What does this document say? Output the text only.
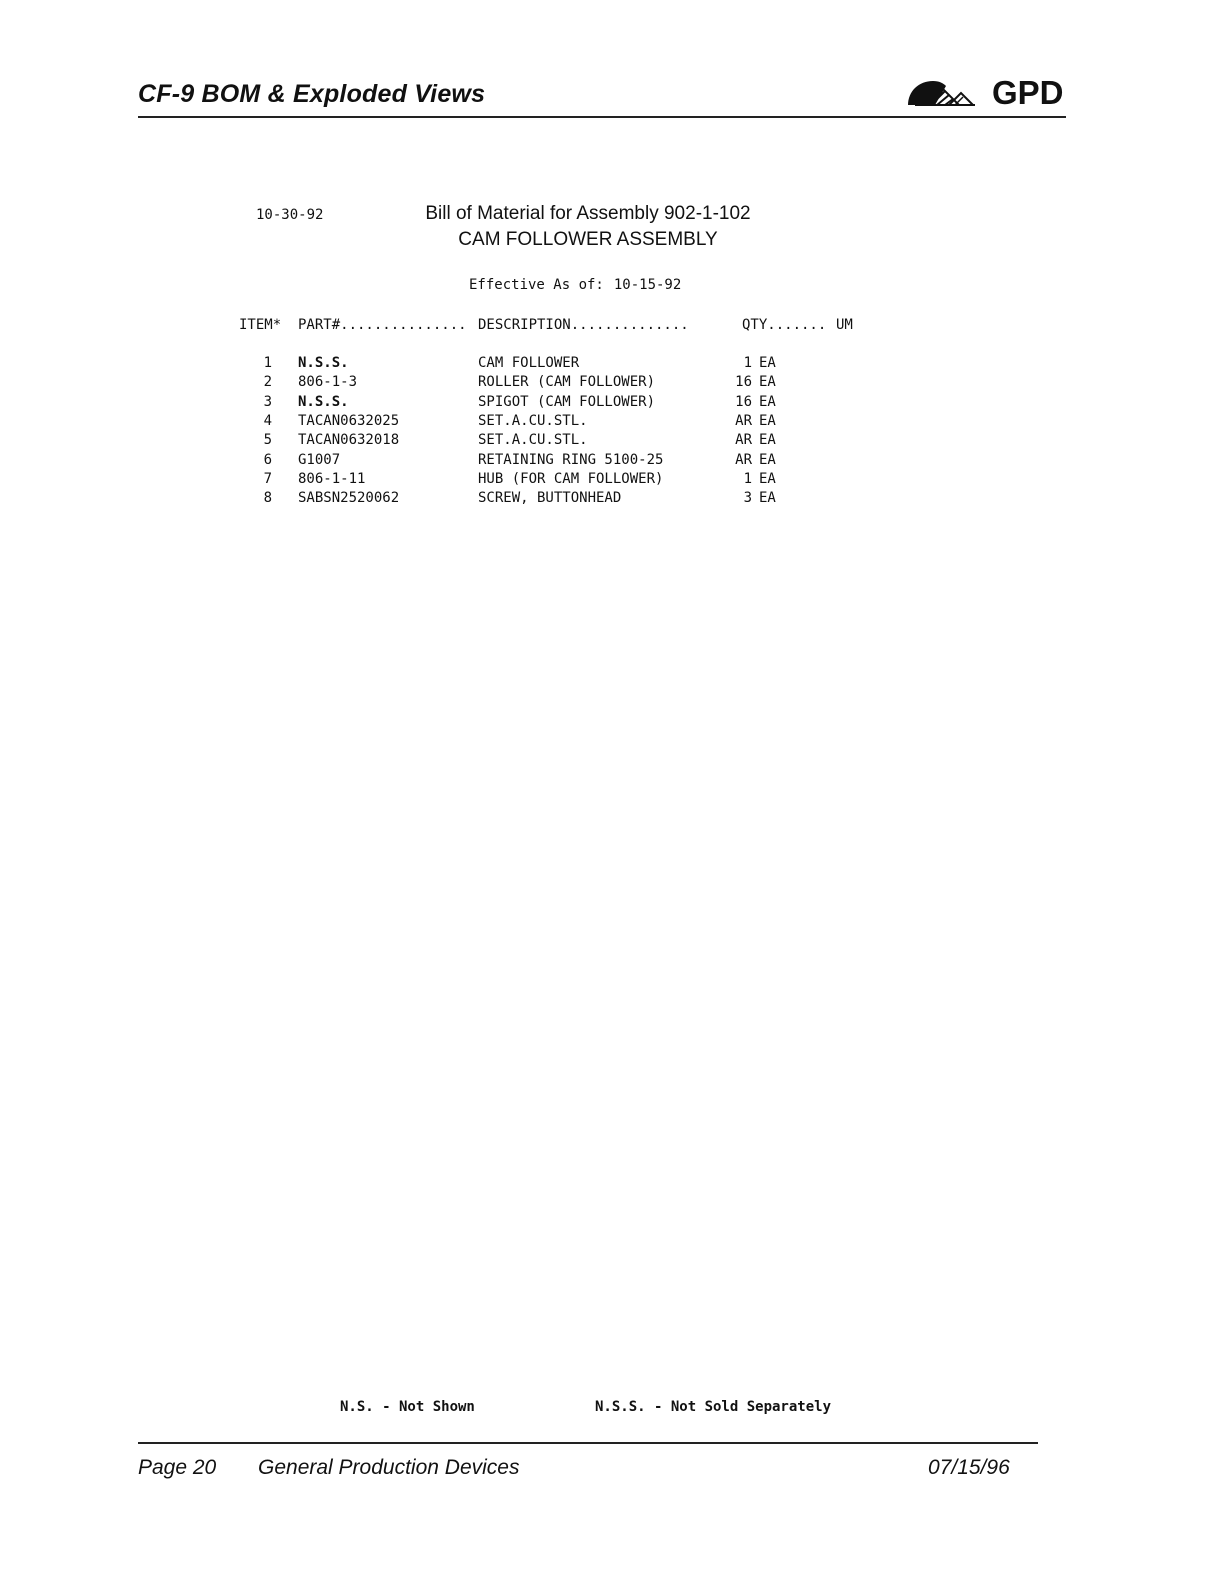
CF-9 BOM & Exploded Views	GPD
10-30-92	Bill of Material for Assembly 902-1-102
CAM FOLLOWER ASSEMBLY
Effective As of: 10-15-92
ITEM* PART#............... DESCRIPTION..............	QTY....... UM
1 N.S.S.	CAM FOLLOWER	1 EA
2 806-1-3	ROLLER (CAM FOLLOWER)	16 EA
3 N.S.S.	SPIGOT (CAM FOLLOWER)	16 EA
4 TACAN0632025	SET.A.CU.STL.	AR EA
5 TACAN0632018	SET.A.CU.STL.	AR EA
6 G1007	RETAINING RING 5100-25	AR EA
7 806-1-11	HUB (FOR CAM FOLLOWER)	1 EA
8 SABSN2520062	SCREW, BUTTONHEAD	3 EA
N.S. - Not Shown	N.S.S. - Not Sold Separately
Page 20 General Production Devices	07/15/96
